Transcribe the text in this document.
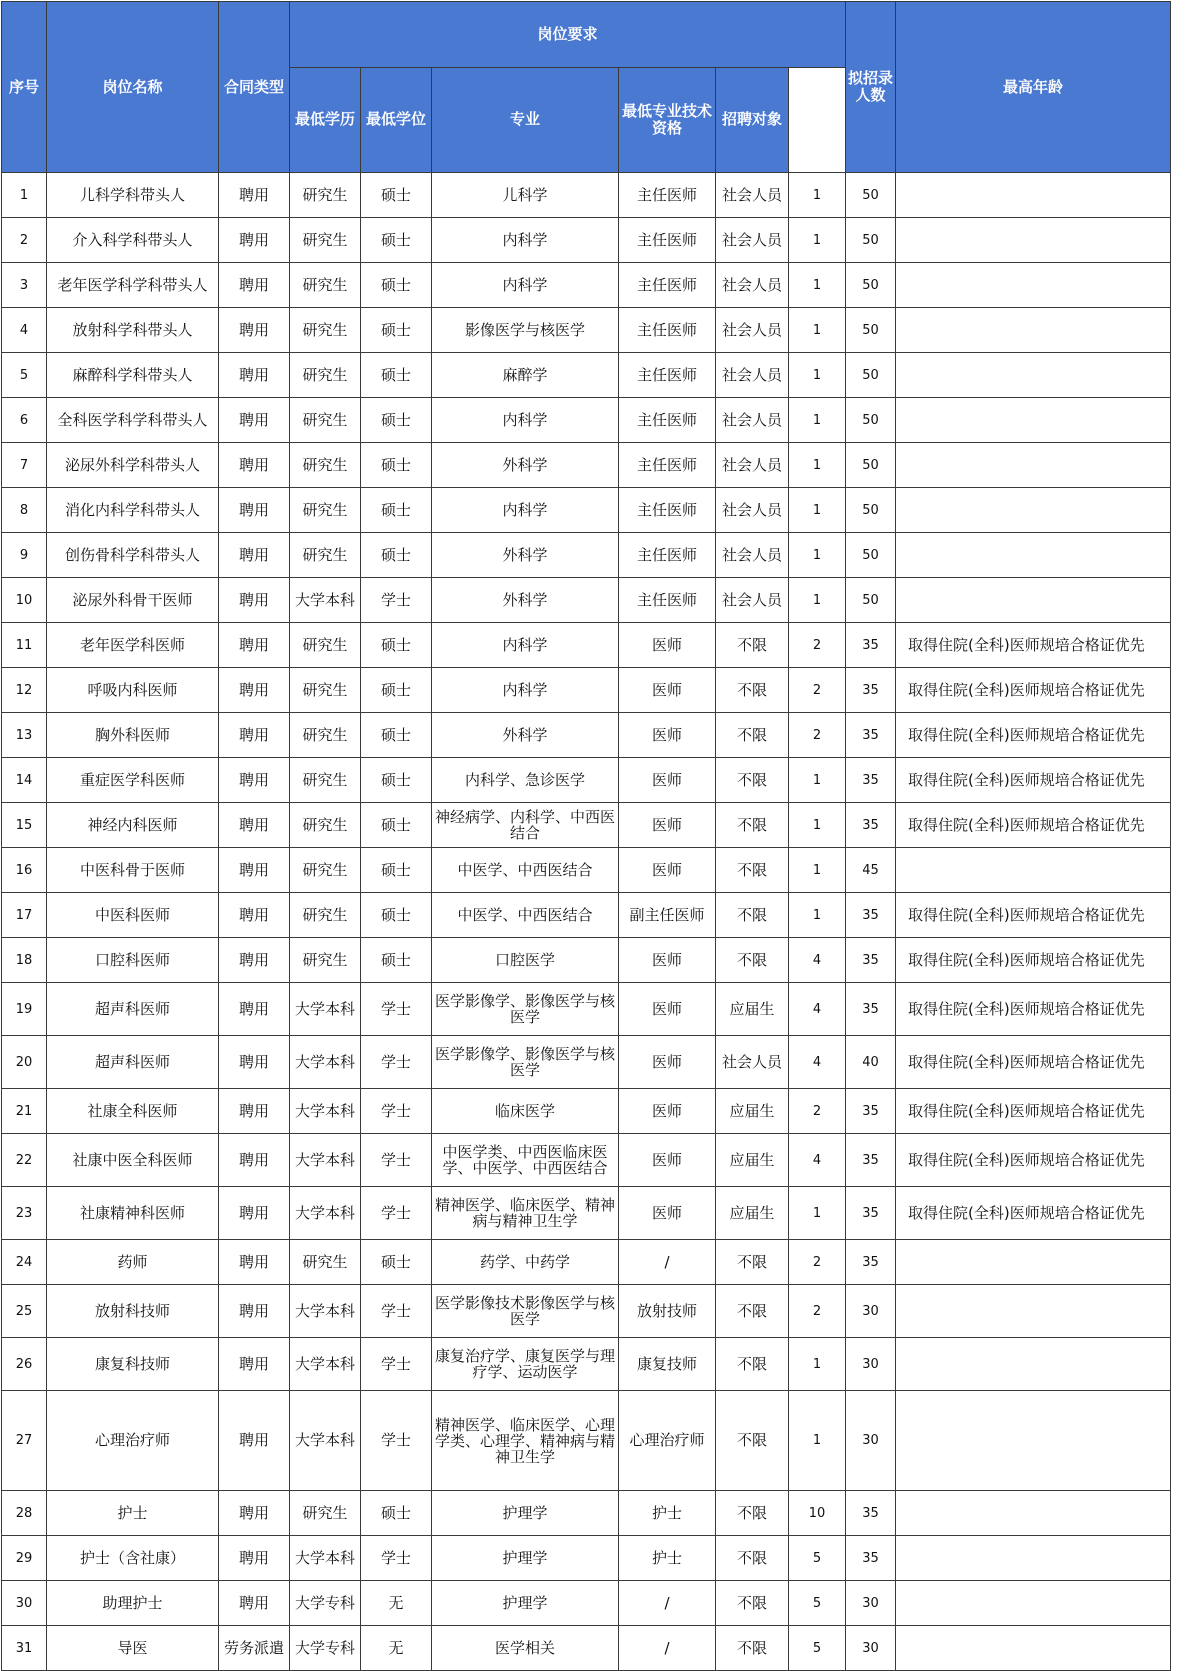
序号	岗位名称	合同类型	岗位要求						拟招录人数	最高年龄	
			最低学历	最低学位	专业	最低专业技术资格	招聘对象				
1	儿科学科带头人	聘用	研究生	硕士	儿科学	主任医师	社会人员	1	50		
2	介入科学科带头人	聘用	研究生	硕士	内科学	主任医师	社会人员	1	50		
3	老年医学科学科带头人	聘用	研究生	硕士	内科学	主任医师	社会人员	1	50		
4	放射科学科带头人	聘用	研究生	硕士	影像医学与核医学	主任医师	社会人员	1	50		
5	麻醉科学科带头人	聘用	研究生	硕士	麻醉学	主任医师	社会人员	1	50		
6	全科医学科学科带头人	聘用	研究生	硕士	内科学	主任医师	社会人员	1	50		
7	泌尿外科学科带头人	聘用	研究生	硕士	外科学	主任医师	社会人员	1	50		
8	消化内科学科带头人	聘用	研究生	硕士	内科学	主任医师	社会人员	1	50		
9	创伤骨科学科带头人	聘用	研究生	硕士	外科学	主任医师	社会人员	1	50		
10	泌尿外科骨干医师	聘用	大学本科	学士	外科学	主任医师	社会人员	1	50		
11	老年医学科医师	聘用	研究生	硕士	内科学	医师	不限	2	35	取得住院(全科)医师规培合格证优先	
12	呼吸内科医师	聘用	研究生	硕士	内科学	医师	不限	2	35	取得住院(全科)医师规培合格证优先	
13	胸外科医师	聘用	研究生	硕士	外科学	医师	不限	2	35	取得住院(全科)医师规培合格证优先	
14	重症医学科医师	聘用	研究生	硕士	内科学、急诊医学	医师	不限	1	35	取得住院(全科)医师规培合格证优先	
15	神经内科医师	聘用	研究生	硕士	神经病学、内科学、中西医结合	医师	不限	1	35	取得住院(全科)医师规培合格证优先	
16	中医科骨于医师	聘用	研究生	硕士	中医学、中西医结合	医师	不限	1	45		
17	中医科医师	聘用	研究生	硕士	中医学、中西医结合	副主任医师	不限	1	35	取得住院(全科)医师规培合格证优先	
18	口腔科医师	聘用	研究生	硕士	口腔医学	医师	不限	4	35	取得住院(全科)医师规培合格证优先	
19	超声科医师	聘用	大学本科	学士	医学影像学、影像医学与核医学	医师	应届生	4	35	取得住院(全科)医师规培合格证优先	
20	超声科医师	聘用	大学本科	学士	医学影像学、影像医学与核医学	医师	社会人员	4	40	取得住院(全科)医师规培合格证优先	
21	社康全科医师	聘用	大学本科	学士	临床医学	医师	应届生	2	35	取得住院(全科)医师规培合格证优先	
22	社康中医全科医师	聘用	大学本科	学士	中医学类、中西医临床医学、中医学、中西医结合	医师	应届生	4	35	取得住院(全科)医师规培合格证优先	
23	社康精神科医师	聘用	大学本科	学士	精神医学、临床医学、精神病与精神卫生学	医师	应届生	1	35	取得住院(全科)医师规培合格证优先	
24	药师	聘用	研究生	硕士	药学、中药学	/	不限	2	35		
25	放射科技师	聘用	大学本科	学士	医学影像技术影像医学与核医学	放射技师	不限	2	30		
26	康复科技师	聘用	大学本科	学士	康复治疗学、康复医学与理疗学、运动医学	康复技师	不限	1	30		
27	心理治疗师	聘用	大学本科	学士	精神医学、临床医学、心理学类、心理学、精神病与精神卫生学	心理治疗师	不限	1	30		
28	护士	聘用	研究生	硕士	护理学	护士	不限	10	35		
29	护士（含社康）	聘用	大学本科	学士	护理学	护士	不限	5	35		
30	助理护士	聘用	大学专科	无	护理学	/	不限	5	30		
31	导医	劳务派遣	大学专科	无	医学相关	/	不限	5	30		
